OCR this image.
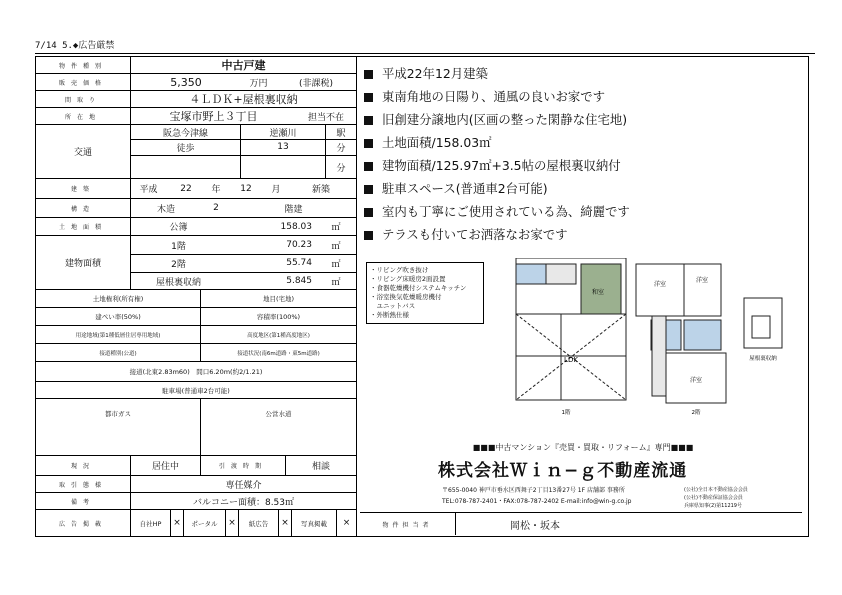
7/14 5.◆広告厳禁
物件種別	中古戸建
販売価格	5,350	万円	(非課税)
間取り	４ＬＤＫ+屋根裏収納
所在地	宝塚市野上３丁目	担当不在
交通
阪急今津線	逆瀬川	駅
徒歩	13	分
分
建築	平成	22	年	12	月	新築
構造	木造	2	階建
土地面積	公簿	158.03	㎡
建物面積
1階	70.23	㎡
2階	55.74	㎡
屋根裏収納	5.845	㎡
土地権利(所有権)	地目(宅地)
建ぺい率(50%)	容積率(100%)
用途地域(第1種低層住居専用地域)	高度地区(第1種高度地区)
接道種別(公道)	接道状況(南6m道路・東5m道路)
接道(北東2.83m60)　間口6.20m(約2/1.21)
駐車場(普通車2台可能)
都市ガス	公営水道
現況	居住中	引渡時期	相談
取引態様	専任媒介
備考	バルコニー面積：8.53㎡
広告掲載	自社HP	×	ポータル	×	紙広告	×	写真掲載	×
平成22年12月建築
東南角地の日陽り、通風の良いお家です
旧創建分譲地内(区画の整った閑静な住宅地)
土地面積/158.03㎡
建物面積/125.97㎡+3.5帖の屋根裏収納付
駐車スペース(普通車2台可能)
室内も丁寧にご使用されている為、綺麗です
テラスも付いてお洒落なお家です
和室
LDK
洋室
洋室
洋室
1階	2階
屋根裏収納
・リビング吹き抜け
・リビング床暖房2面設置
・食器乾燥機付システムキッチン
・浴室換気乾燥暖房機付
　ユニットバス
・外断熱仕様
■■■中古マンション『売買・買取・リフォーム』専門■■■
株式会社Ｗｉｎ−ｇ不動産流通
〒655-0040 神戸市垂水区西舞子2丁目13番27号 1F 店舗部 事務所
TEL:078-787-2401・FAX:078-787-2402 E-mail:info@win-g.co.jp
(公社)全日本不動産協会会員
(公社)不動産保証協会会員
兵庫県知事(2)第11219号
物件担当者	岡松・坂本
